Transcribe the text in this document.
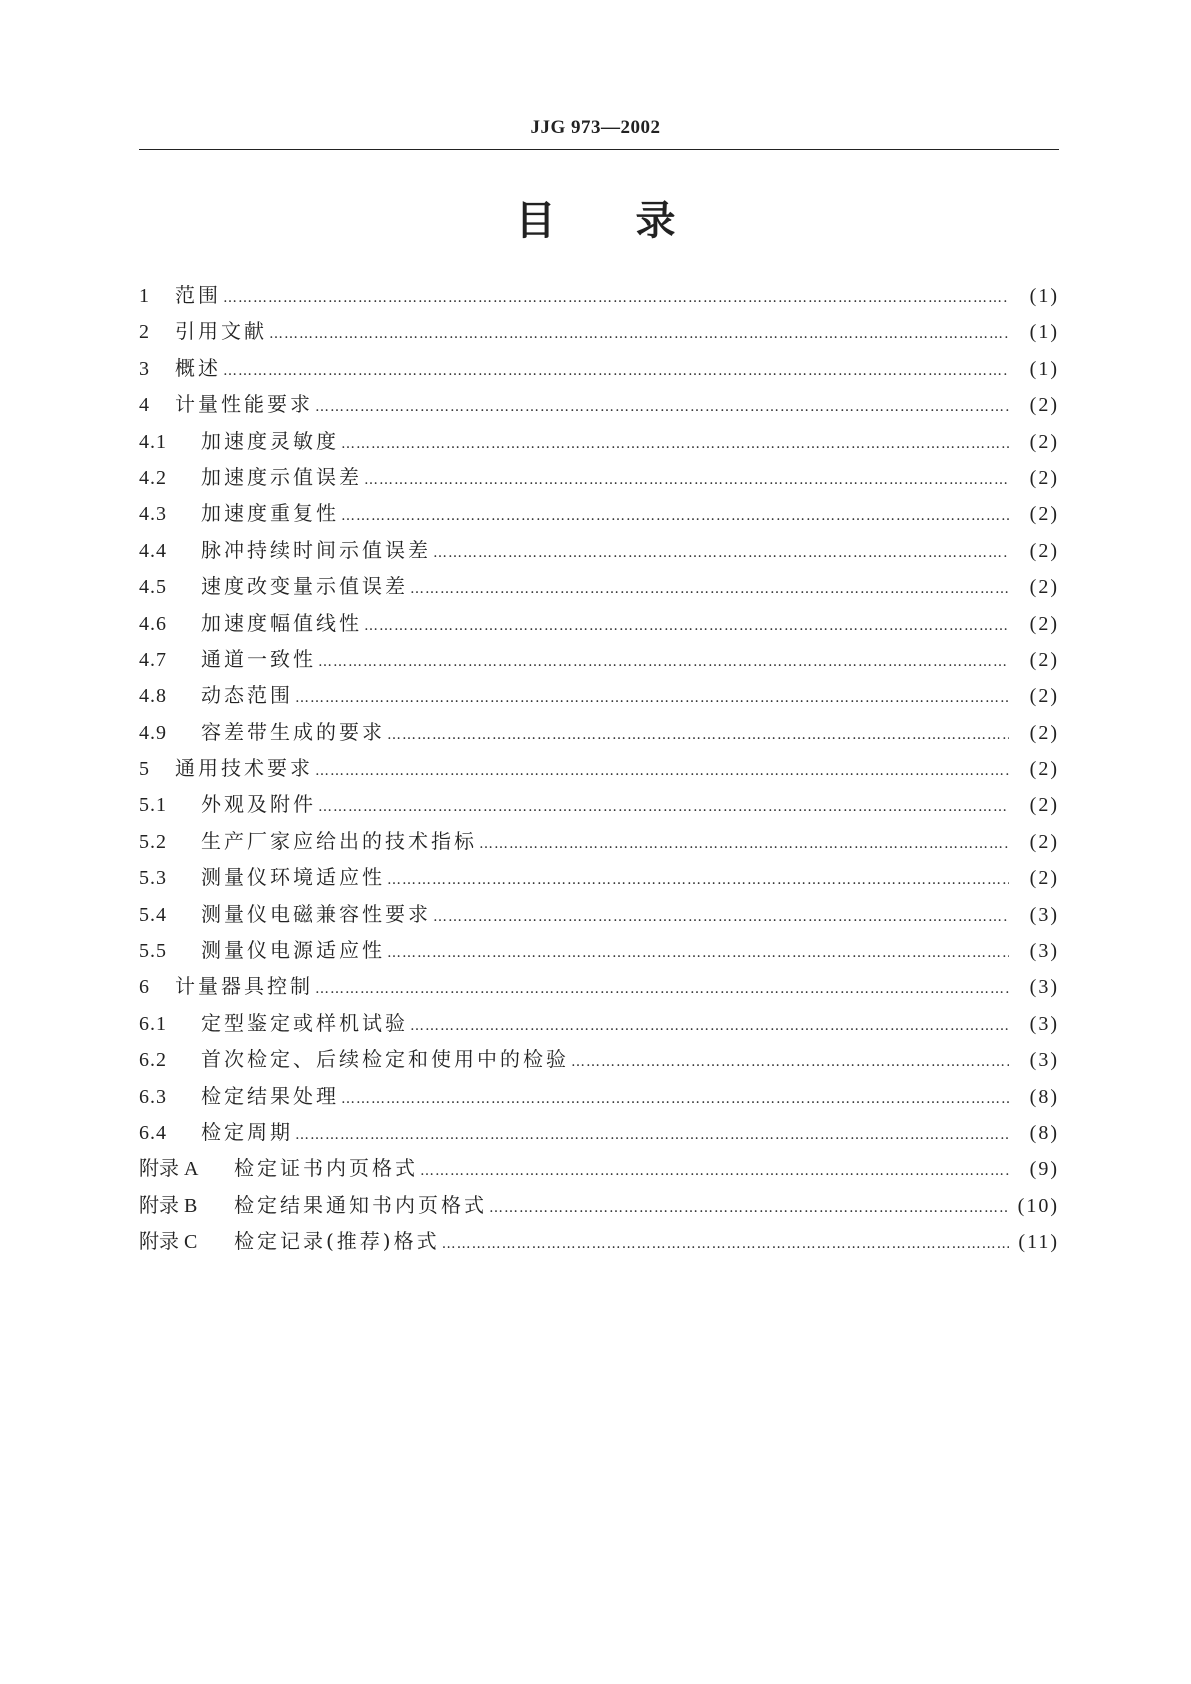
JJG 973—2002
目录
1	范围 ………………………………………………………………………………………………………………………………………………………………………………	(1)
2	引用文献 ………………………………………………………………………………………………………………………………………………………………………………	(1)
3	概述 ………………………………………………………………………………………………………………………………………………………………………………	(1)
4	计量性能要求 ………………………………………………………………………………………………………………………………………………………………………………	(2)
4.1	加速度灵敏度 ………………………………………………………………………………………………………………………………………………………………………………	(2)
4.2	加速度示值误差 ………………………………………………………………………………………………………………………………………………………………………………	(2)
4.3	加速度重复性 ………………………………………………………………………………………………………………………………………………………………………………	(2)
4.4	脉冲持续时间示值误差 ………………………………………………………………………………………………………………………………………………………………………………	(2)
4.5	速度改变量示值误差 ………………………………………………………………………………………………………………………………………………………………………………	(2)
4.6	加速度幅值线性 ………………………………………………………………………………………………………………………………………………………………………………	(2)
4.7	通道一致性 ………………………………………………………………………………………………………………………………………………………………………………	(2)
4.8	动态范围 ………………………………………………………………………………………………………………………………………………………………………………	(2)
4.9	容差带生成的要求 ………………………………………………………………………………………………………………………………………………………………………………	(2)
5	通用技术要求 ………………………………………………………………………………………………………………………………………………………………………………	(2)
5.1	外观及附件 ………………………………………………………………………………………………………………………………………………………………………………	(2)
5.2	生产厂家应给出的技术指标 ………………………………………………………………………………………………………………………………………………………………………………	(2)
5.3	测量仪环境适应性 ………………………………………………………………………………………………………………………………………………………………………………	(2)
5.4	测量仪电磁兼容性要求 ………………………………………………………………………………………………………………………………………………………………………………	(3)
5.5	测量仪电源适应性 ………………………………………………………………………………………………………………………………………………………………………………	(3)
6	计量器具控制 ………………………………………………………………………………………………………………………………………………………………………………	(3)
6.1	定型鉴定或样机试验 ………………………………………………………………………………………………………………………………………………………………………………	(3)
6.2	首次检定、后续检定和使用中的检验 ………………………………………………………………………………………………………………………………………………………………………………	(3)
6.3	检定结果处理 ………………………………………………………………………………………………………………………………………………………………………………	(8)
6.4	检定周期 ………………………………………………………………………………………………………………………………………………………………………………	(8)
附录 A	检定证书内页格式 ………………………………………………………………………………………………………………………………………………………………………………	(9)
附录 B	检定结果通知书内页格式 ………………………………………………………………………………………………………………………………………………………………………………	(10)
附录 C	检定记录(推荐)格式 ………………………………………………………………………………………………………………………………………………………………………………	(11)
